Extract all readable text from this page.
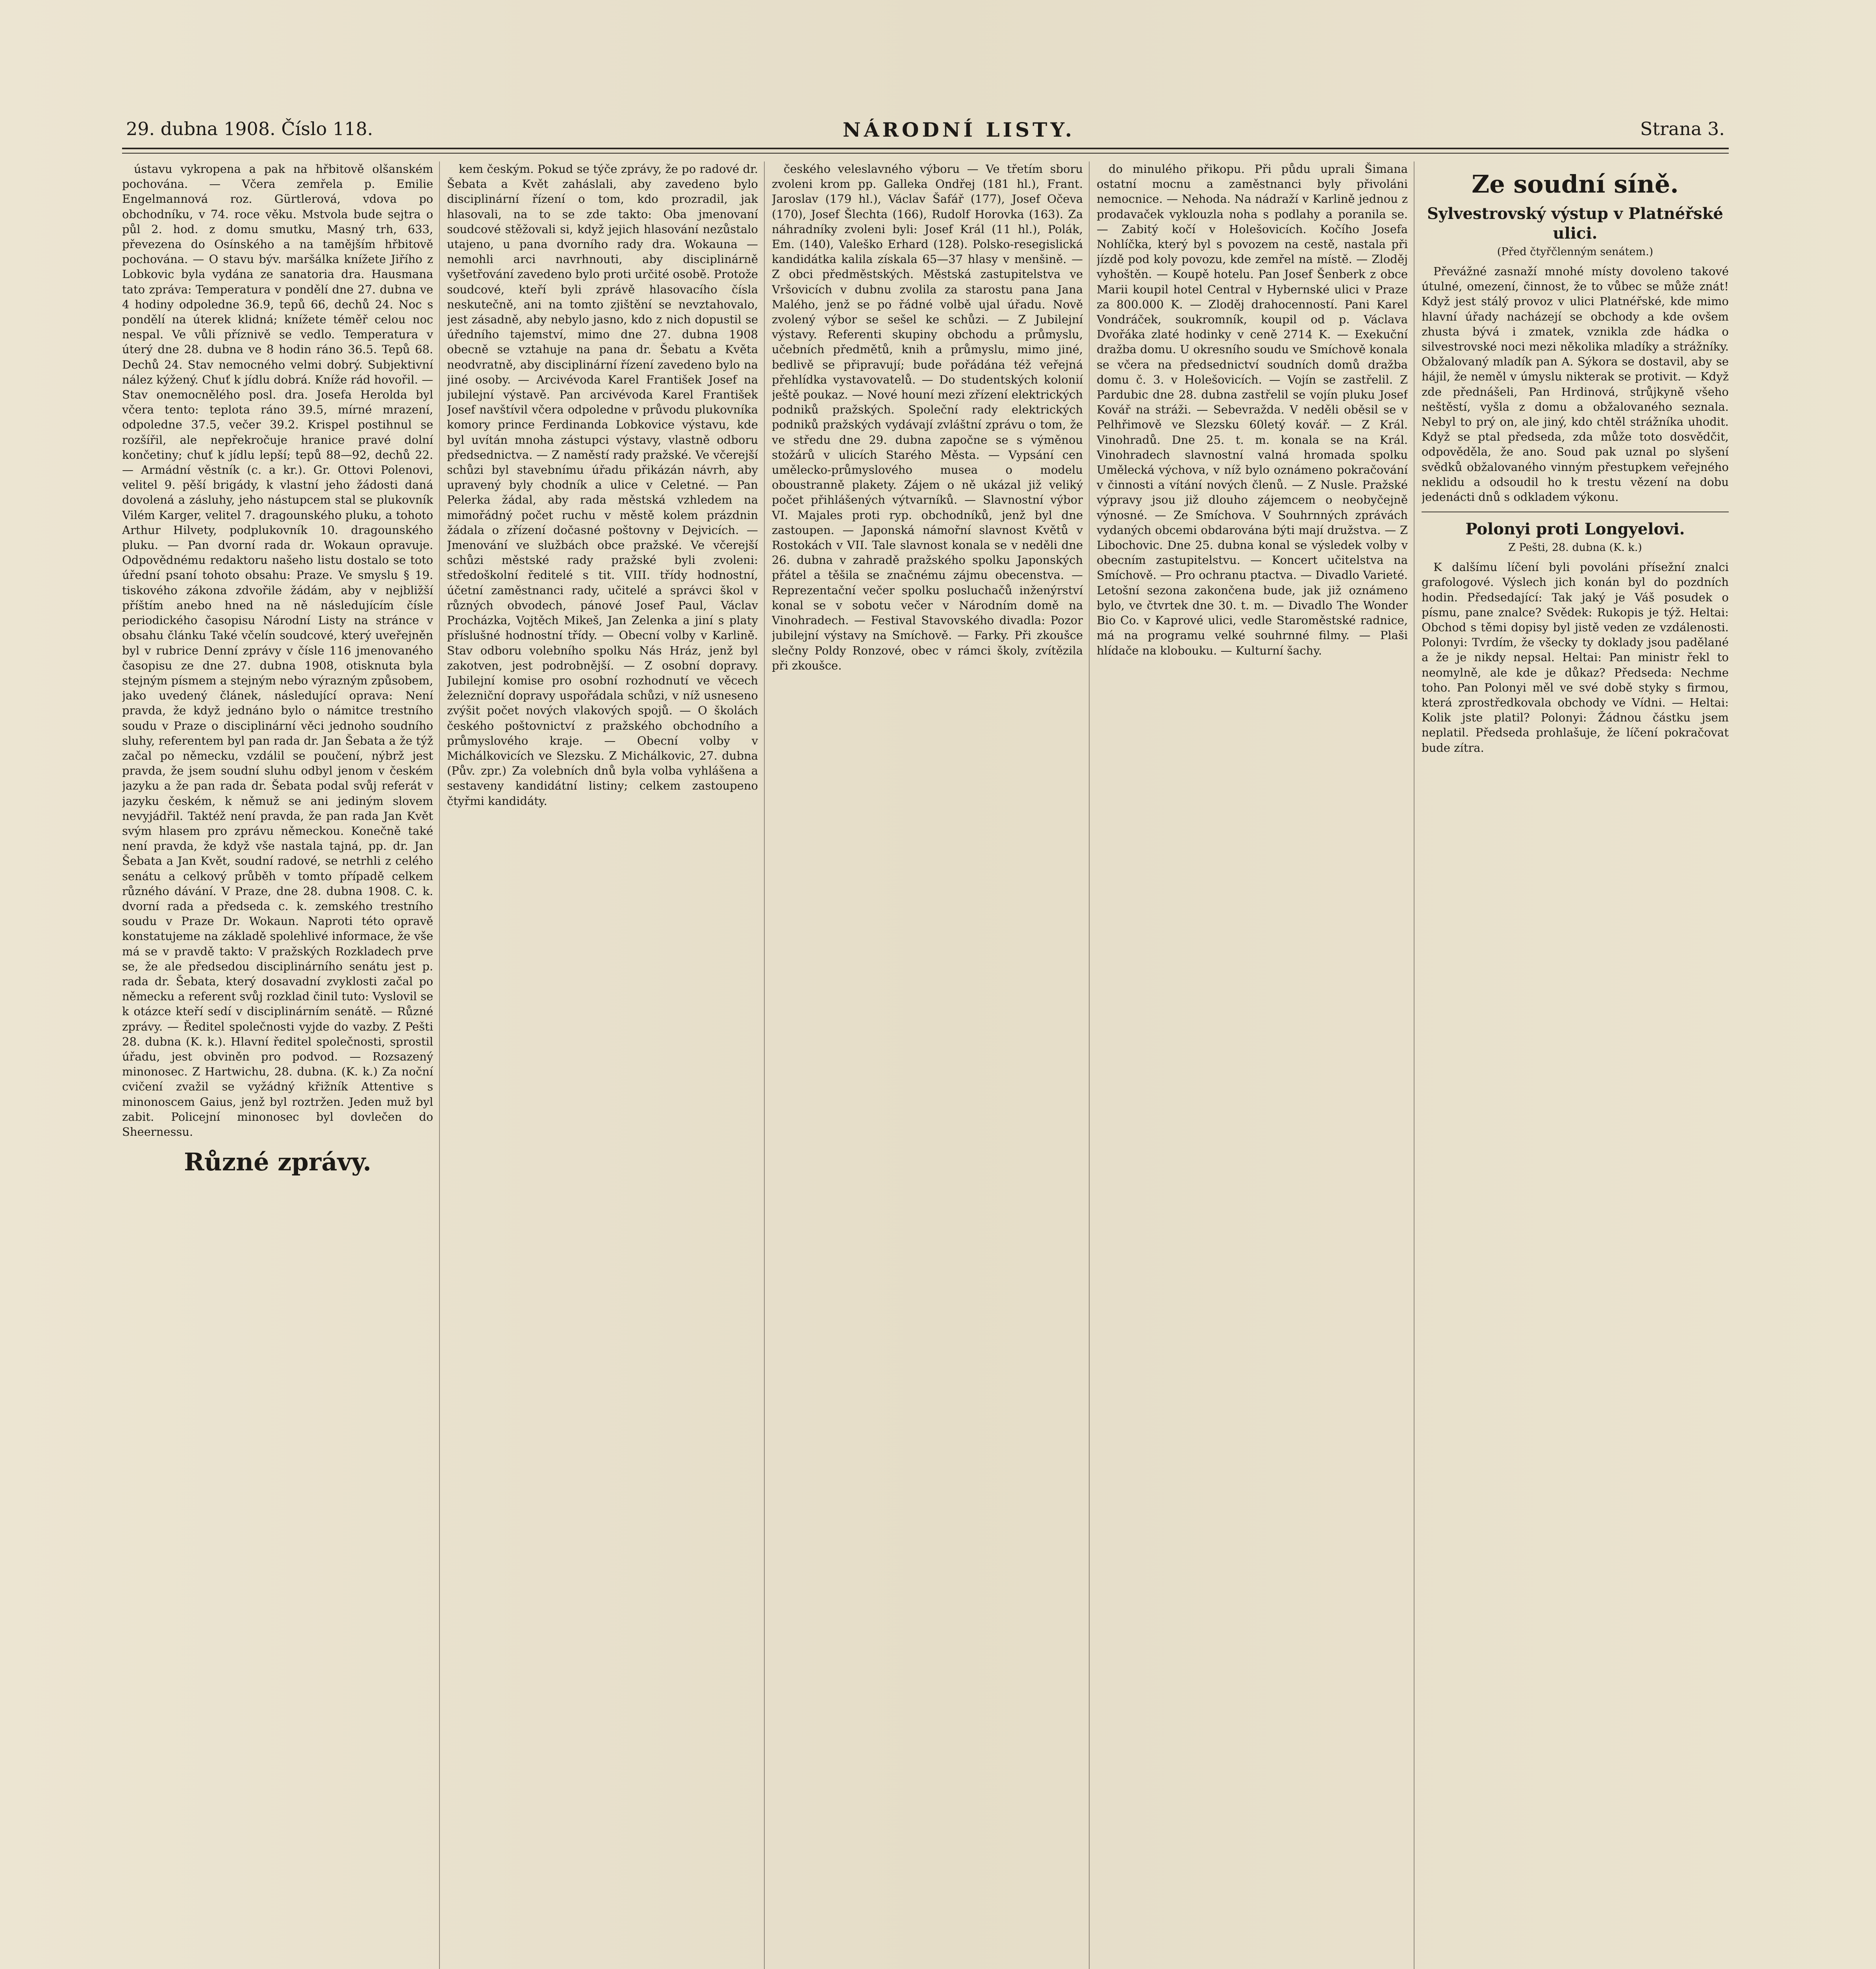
29. dubna 1908. Číslo 118.	NÁRODNÍ LISTY.	Strana 3.

ústavu vykropena a pak na hřbitově olšanském pochována. — Včera zemřela p. Emilie Engelmannová roz. Gürtlerová, vdova po obchodníku, v 74. roce věku. Mstvola bude sejtra o půl 2. hod. z domu smutku, Masný trh, 633, převezena do Osínského a na tamějším hřbitově pochována. — O stavu býv. maršálka knížete Jiřího z Lobkovic byla vydána ze sanatoria dra. Hausmana tato zpráva: Temperatura v pondělí dne 27. dubna ve 4 hodiny odpoledne 36.9, tepů 66, dechů 24. Noc s pondělí na úterek klidná; knížete téměř celou noc nespal. Ve vůli příznivě se vedlo. Temperatura v úterý dne 28. dubna ve 8 hodin ráno 36.5. Tepů 68. Dechů 24. Stav nemocného velmi dobrý. Subjektivní nález kýžený. Chuť k jídlu dobrá. Kníže rád hovořil. — Stav onemocnělého posl. dra. Josefa Herolda byl včera tento: teplota ráno 39.5, mírné mrazení, odpoledne 37.5, večer 39.2. Krispel postihnul se rozšířil, ale nepřekročuje hranice pravé dolní končetiny; chuť k jídlu lepší; tepů 88—92, dechů 22. — Armádní věstník (c. a kr.). Gr. Ottovi Polenovi, velitel 9. pěší brigády, k vlastní jeho žádosti daná dovolená a zásluhy, jeho nástupcem stal se plukovník Vilém Karger, velitel 7. dragounského pluku, a tohoto Arthur Hilvety, podplukovník 10. dragounského pluku. — Pan dvorní rada dr. Wokaun opravuje. Odpovědnému redaktoru našeho listu dostalo se toto úřední psaní tohoto obsahu: Praze. Ve smyslu § 19. tiskového zákona zdvořile žádám, aby v nejbližší příštím anebo hned na ně následujícím čísle periodického časopisu Národní Listy na stránce v obsahu článku Také včelín soudcové, který uveřejněn byl v rubrice Denní zprávy v čísle 116 jmenovaného časopisu ze dne 27. dubna 1908, otisknuta byla stejným písmem a stejným nebo výrazným způsobem, jako uvedený článek, následující oprava: Není pravda, že když jednáno bylo o námitce trestního soudu v Praze o disciplinární věci jednoho soudního sluhy, referentem byl pan rada dr. Jan Šebata a že týž začal po německu, vzdálil se poučení, nýbrž jest pravda, že jsem soudní sluhu odbyl jenom v českém jazyku a že pan rada dr. Šebata podal svůj referát v jazyku českém, k němuž se ani jediným slovem nevyjádřil. Taktéž není pravda, že pan rada Jan Květ svým hlasem pro zprávu německou. Konečně také není pravda, že když vše nastala tajná, pp. dr. Jan Šebata a Jan Květ, soudní radové, se netrhli z celého senátu a celkový průběh v tomto případě celkem různého dávání. V Praze, dne 28. dubna 1908. C. k. dvorní rada a předseda c. k. zemského trestního soudu v Praze Dr. Wokaun. Naproti této opravě konstatujeme na základě spolehlivé informace, že vše má se v pravdě takto: V pražských Rozkladech prve se, že ale předsedou disciplinárního senátu jest p. rada dr. Šebata, který dosavadní zvyklosti začal po německu a referent svůj rozklad činil tuto: Vyslovil se k otázce kteří sedí v disciplinárním senátě. — Různé zprávy. — Ředitel společnosti vyjde do vazby. Z Pešti 28. dubna (K. k.). Hlavní ředitel společnosti, sprostil úřadu, jest obviněn pro podvod. — Rozsazený minonosec. Z Hartwichu, 28. dubna. (K. k.) Za noční cvičení zvažil se vyžádný křižník Attentive s minonoscem Gaius, jenž byl roztržen. Jeden muž byl zabit. Policejní minonosec byl dovlečen do Sheernessu.

Různé zprávy.

kem českým. Pokud se týče zprávy, že po radové dr. Šebata a Květ zaháslali, aby zavedeno bylo disciplinární řízení o tom, kdo prozradil, jak hlasovali, na to se zde takto: Oba jmenovaní soudcové stěžovali si, když jejich hlasování nezůstalo utajeno, u pana dvorního rady dra. Wokauna — nemohli arci navrhnouti, aby disciplinárně vyšetřování zavedeno bylo proti určité osobě. Protože soudcové, kteří byli zprávě hlasovacího čísla neskutečně, ani na tomto zjištění se nevztahovalo, jest zásadně, aby nebylo jasno, kdo z nich dopustil se úředního tajemství, mimo dne 27. dubna 1908 obecně se vztahuje na pana dr. Šebatu a Květa neodvratně, aby disciplinární řízení zavedeno bylo na jiné osoby. — Arcivévoda Karel František Josef na jubilejní výstavě. Pan arcivévoda Karel František Josef navštívil včera odpoledne v průvodu plukovníka komory prince Ferdinanda Lobkovice výstavu, kde byl uvítán mnoha zástupci výstavy, vlastně odboru předsednictva. — Z naměstí rady pražské. Ve včerejší schůzi byl stavebnímu úřadu přikázán návrh, aby upravený byly chodník a ulice v Celetné. — Pan Pelerka žádal, aby rada městská vzhledem na mimořádný počet ruchu v městě kolem prázdnin žádala o zřízení dočasné poštovny v Dejvicích. — Jmenování ve službách obce pražské. Ve včerejší schůzi městské rady pražské byli zvoleni: středoškolní ředitelé s tit. VIII. třídy hodnostní, účetní zaměstnanci rady, učitelé a správci škol v různých obvodech, pánové Josef Paul, Václav Procházka, Vojtěch Mikeš, Jan Zelenka a jiní s platy příslušné hodnostní třídy. — Obecní volby v Karlině. Stav odboru volebního spolku Nás Hráz, jenž byl zakotven, jest podrobnější. — Z osobní dopravy. Jubilejní komise pro osobní rozhodnutí ve věcech železniční dopravy uspořádala schůzi, v níž usneseno zvýšit počet nových vlakových spojů. — O školách českého poštovnictví z pražského obchodního a průmyslového kraje. — Obecní volby v Michálkovicích ve Slezsku. Z Michálkovic, 27. dubna (Pův. zpr.) Za volebních dnů byla volba vyhlášena a sestaveny kandidátní listiny; celkem zastoupeno čtyřmi kandidáty.

českého veleslavného výboru — Ve třetím sboru zvoleni krom pp. Galleka Ondřej (181 hl.), Frant. Jaroslav (179 hl.), Václav Šafář (177), Josef Očeva (170), Josef Šlechta (166), Rudolf Horovka (163). Za náhradníky zvoleni byli: Josef Král (11 hl.), Polák, Em. (140), Valeško Erhard (128). Polsko-resegislická kandidátka kalila získala 65—37 hlasy v menšině. — Z obci předměstských. Městská zastupitelstva ve Vršovicích v dubnu zvolila za starostu pana Jana Malého, jenž se po řádné volbě ujal úřadu. Nově zvolený výbor se sešel ke schůzi. — Z Jubilejní výstavy. Referenti skupiny obchodu a průmyslu, učebních předmětů, knih a průmyslu, mimo jiné, bedlivě se připravují; bude pořádána též veřejná přehlídka vystavovatelů. — Do studentských kolonií ještě poukaz. — Nové houní mezi zřízení elektrických podniků pražských. Společní rady elektrických podniků pražských vydávají zvláštní zprávu o tom, že ve středu dne 29. dubna započne se s výměnou stožárů v ulicích Starého Města. — Vypsání cen umělecko-průmyslového musea o modelu oboustranně plakety. Zájem o ně ukázal již veliký počet přihlášených výtvarníků. — Slavnostní výbor VI. Majales proti ryp. obchodníků, jenž byl dne zastoupen. — Japonská námořní slavnost Květů v Rostokách v VII. Tale slavnost konala se v neděli dne 26. dubna v zahradě pražského spolku Japonských přátel a těšila se značnému zájmu obecenstva. — Reprezentační večer spolku posluchačů inženýrství konal se v sobotu večer v Národním domě na Vinohradech. — Festival Stavovského divadla: Pozor jubilejní výstavy na Smíchově. — Farky. Při zkoušce slečny Poldy Ronzové, obec v rámci školy, zvítězila při zkoušce.

do minulého přikopu. Při půdu uprali Šimana ostatní mocnu a zaměstnanci byly přivoláni nemocnice. — Nehoda. Na nádraží v Karlině jednou z prodavaček vyklouzla noha s podlahy a poranila se. — Zabitý kočí v Holešovicích. Kočího Josefa Nohlíčka, který byl s povozem na cestě, nastala při jízdě pod koly povozu, kde zemřel na místě. — Zloděj vyhoštěn. — Koupě hotelu. Pan Josef Šenberk z obce Marii koupil hotel Central v Hybernské ulici v Praze za 800.000 K. — Zloděj drahocenností. Pani Karel Vondráček, soukromník, koupil od p. Václava Dvořáka zlaté hodinky v ceně 2714 K. — Exekuční dražba domu. U okresního soudu ve Smíchově konala se včera na předsednictví soudních domů dražba domu č. 3. v Holešovicích. — Vojín se zastřelil. Z Pardubic dne 28. dubna zastřelil se vojín pluku Josef Kovář na stráži. — Sebevražda. V neděli oběsil se v Pelhřimově ve Slezsku 60letý kovář. — Z Král. Vinohradů. Dne 25. t. m. konala se na Král. Vinohradech slavnostní valná hromada spolku Umělecká výchova, v níž bylo oznámeno pokračování v činnosti a vítání nových členů. — Z Nusle. Pražské výpravy jsou již dlouho zájemcem o neobyčejně výnosné. — Ze Smíchova. V Souhrnných zprávách vydaných obcemi obdarována býti mají družstva. — Z Libochovic. Dne 25. dubna konal se výsledek volby v obecním zastupitelstvu. — Koncert učitelstva na Smíchově. — Pro ochranu ptactva. — Divadlo Varieté. Letošní sezona zakončena bude, jak již oznámeno bylo, ve čtvrtek dne 30. t. m. — Divadlo The Wonder Bio Co. v Kaprové ulici, vedle Staroměstské radnice, má na programu velké souhrnné filmy. — Plaši hlídače na klobouku. — Kulturní šachy.

Ze soudní síně.
Sylvestrovský výstup v Platnéřské ulici.
(Před čtyřčlenným senátem.)

Převážné zasnaží mnohé místy dovoleno takové útulné, omezení, činnost, že to vůbec se může znát! Když jest stálý provoz v ulici Platnéřské, kde mimo hlavní úřady nacházejí se obchody a kde ovšem zhusta bývá i zmatek, vznikla zde hádka o silvestrovské noci mezi několika mladíky a strážníky. Obžalovaný mladík pan A. Sýkora se dostavil, aby se hájil, že neměl v úmyslu nikterak se protivit. — Když zde přednášeli, Pan Hrdinová, strůjkyně všeho neštěstí, vyšla z domu a obžalovaného seznala. Nebyl to prý on, ale jiný, kdo chtěl strážníka uhodit. Když se ptal předseda, zda může toto dosvědčit, odpověděla, že ano. Soud pak uznal po slyšení svědků obžalovaného vinným přestupkem veřejného neklidu a odsoudil ho k trestu vězení na dobu jedenácti dnů s odkladem výkonu.

Polonyi proti Longyelovi.
Z Pešti, 28. dubna (K. k.)

K dalšímu líčení byli povoláni přísežní znalci grafologové. Výslech jich konán byl do pozdních hodin. Předsedající: Tak jaký je Váš posudek o písmu, pane znalce? Svědek: Rukopis je týž. Heltai: Obchod s těmi dopisy byl jistě veden ze vzdálenosti. Polonyi: Tvrdím, že všecky ty doklady jsou padělané a že je nikdy nepsal. Heltai: Pan ministr řekl to neomylně, ale kde je důkaz? Předseda: Nechme toho. Pan Polonyi měl ve své době styky s firmou, která zprostředkovala obchody ve Vídni. — Heltai: Kolik jste platil? Polonyi: Žádnou částku jsem neplatil. Předseda prohlašuje, že líčení pokračovat bude zítra.
